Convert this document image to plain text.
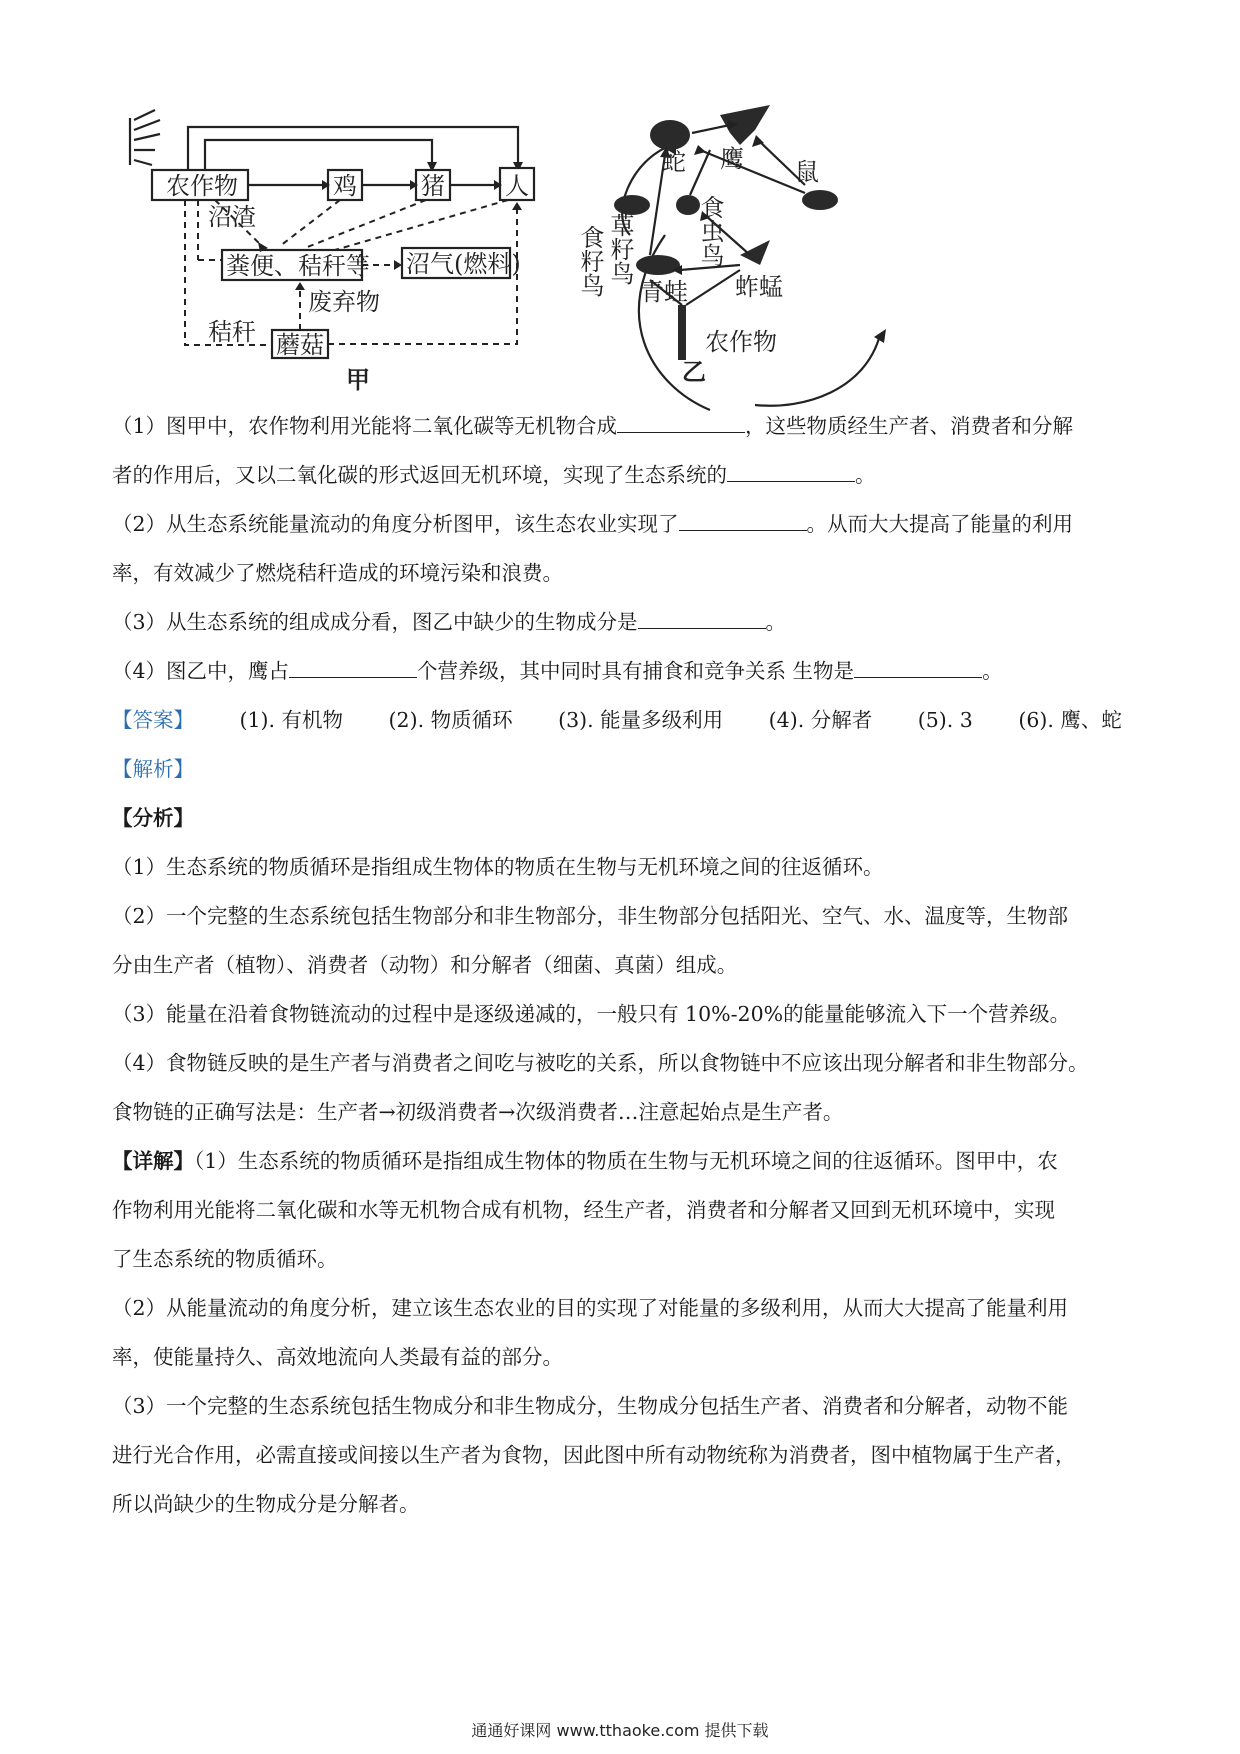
农作物	鸡	猪	人
粪便、秸秆等 沼气(燃料)
蘑菇
沼渣
废弃物
秸秆
甲
蛇 鹰 鼠
食籽鸟 草籽鸟	食虫鸟
青蛙 蚱蜢
农作物
乙

（1）图甲中，农作物利用光能将二氧化碳等无机物合成	，这些物质经生产者、消费者和分解

者的作用后，又以二氧化碳的形式返回无机环境，实现了生态系统的	。

（2）从生态系统能量流动的角度分析图甲，该生态农业实现了	。从而大大提高了能量的利用

率，有效减少了燃烧秸秆造成的环境污染和浪费。

（3）从生态系统的组成成分看，图乙中缺少的生物成分是	。

（4）图乙中，鹰占	个营养级，其中同时具有捕食和竞争关系 生物是	。

【答案】 (1). 有机物 (2). 物质循环 (3). 能量多级利用 (4). 分解者 (5). 3 (6). 鹰、蛇

【解析】

【分析】

（1）生态系统的物质循环是指组成生物体的物质在生物与无机环境之间的往返循环。

（2）一个完整的生态系统包括生物部分和非生物部分，非生物部分包括阳光、空气、水、温度等，生物部

分由生产者（植物）、消费者（动物）和分解者（细菌、真菌）组成。

（3）能量在沿着食物链流动的过程中是逐级递减的，一般只有 10%-20%的能量能够流入下一个营养级。

（4）食物链反映的是生产者与消费者之间吃与被吃的关系，所以食物链中不应该出现分解者和非生物部分。

食物链的正确写法是：生产者→初级消费者→次级消费者…注意起始点是生产者。

【详解】（1）生态系统的物质循环是指组成生物体的物质在生物与无机环境之间的往返循环。图甲中，农

作物利用光能将二氧化碳和水等无机物合成有机物，经生产者，消费者和分解者又回到无机环境中，实现

了生态系统的物质循环。

（2）从能量流动的角度分析，建立该生态农业的目的实现了对能量的多级利用，从而大大提高了能量利用

率，使能量持久、高效地流向人类最有益的部分。

（3）一个完整的生态系统包括生物成分和非生物成分，生物成分包括生产者、消费者和分解者，动物不能

进行光合作用，必需直接或间接以生产者为食物，因此图中所有动物统称为消费者，图中植物属于生产者，

所以尚缺少的生物成分是分解者。

通通好课网 www.tthaoke.com 提供下载
